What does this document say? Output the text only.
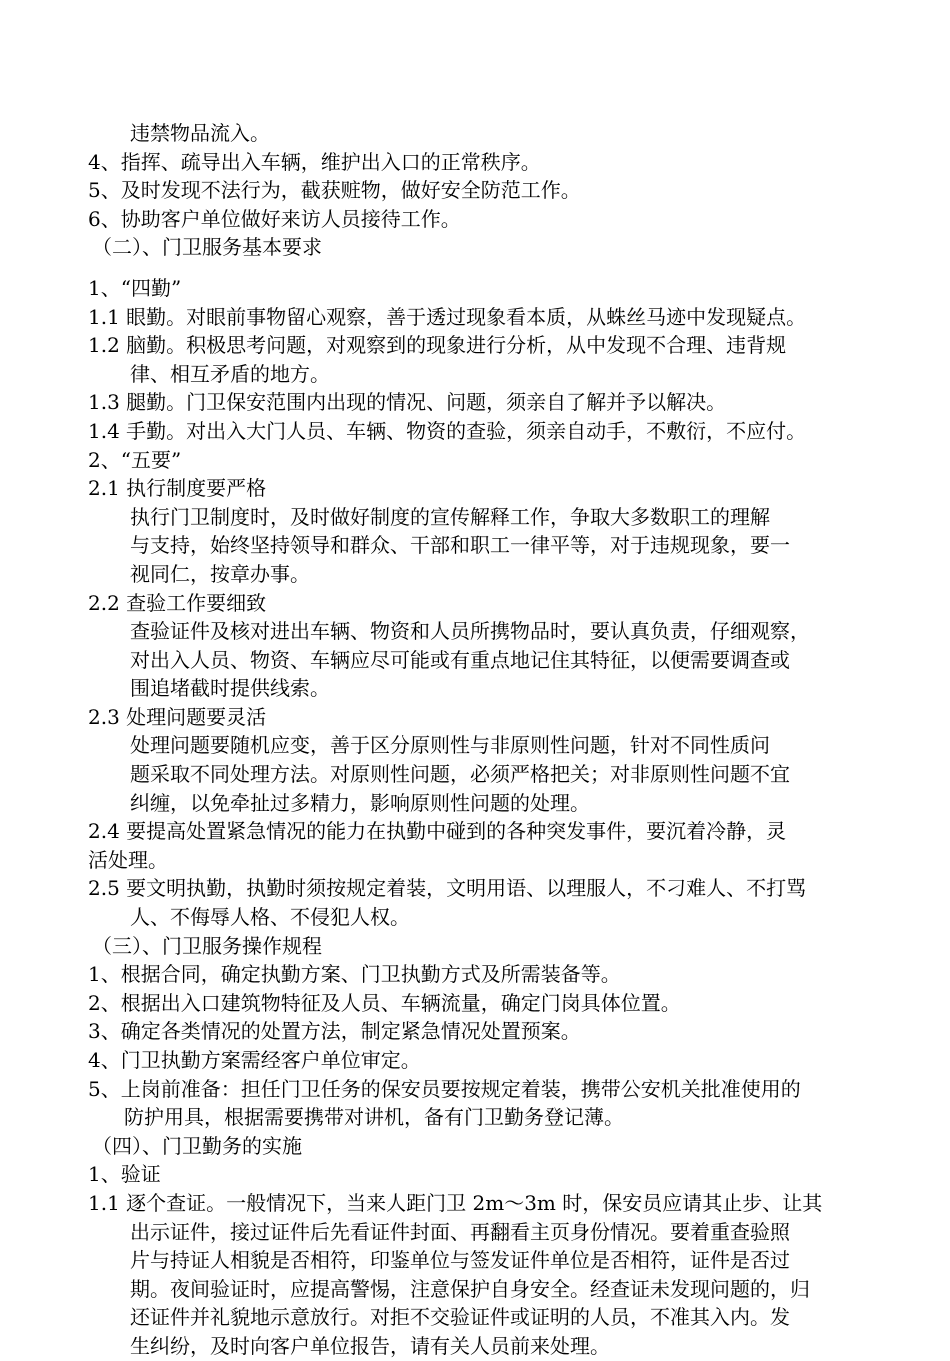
违禁物品流入。
4、指挥、疏导出入车辆，维护出入口的正常秩序。
5、及时发现不法行为，截获赃物，做好安全防范工作。
6、协助客户单位做好来访人员接待工作。
（二）、门卫服务基本要求
1、“四勤”
1.1 眼勤。对眼前事物留心观察，善于透过现象看本质，从蛛丝马迹中发现疑点。
1.2 脑勤。积极思考问题，对观察到的现象进行分析，从中发现不合理、违背规
律、相互矛盾的地方。
1.3 腿勤。门卫保安范围内出现的情况、问题，须亲自了解并予以解决。
1.4 手勤。对出入大门人员、车辆、物资的查验，须亲自动手，不敷衍，不应付。
2、“五要”
2.1 执行制度要严格
执行门卫制度时，及时做好制度的宣传解释工作，争取大多数职工的理解
与支持，始终坚持领导和群众、干部和职工一律平等，对于违规现象，要一
视同仁，按章办事。
2.2 查验工作要细致
查验证件及核对进出车辆、物资和人员所携物品时，要认真负责，仔细观察，
对出入人员、物资、车辆应尽可能或有重点地记住其特征，以便需要调查或
围追堵截时提供线索。
2.3 处理问题要灵活
处理问题要随机应变，善于区分原则性与非原则性问题，针对不同性质问
题采取不同处理方法。对原则性问题，必须严格把关；对非原则性问题不宜
纠缠，以免牵扯过多精力，影响原则性问题的处理。
2.4 要提高处置紧急情况的能力在执勤中碰到的各种突发事件，要沉着冷静，灵
活处理。
2.5 要文明执勤，执勤时须按规定着装，文明用语、以理服人，不刁难人、不打骂
人、不侮辱人格、不侵犯人权。
（三）、门卫服务操作规程
1、根据合同，确定执勤方案、门卫执勤方式及所需装备等。
2、根据出入口建筑物特征及人员、车辆流量，确定门岗具体位置。
3、确定各类情况的处置方法，制定紧急情况处置预案。
4、门卫执勤方案需经客户单位审定。
5、上岗前准备：担任门卫任务的保安员要按规定着装，携带公安机关批准使用的
防护用具，根据需要携带对讲机，备有门卫勤务登记薄。
（四）、门卫勤务的实施
1、验证
1.1 逐个查证。一般情况下，当来人距门卫 2m～3m 时，保安员应请其止步、让其
出示证件，接过证件后先看证件封面、再翻看主页身份情况。要着重查验照
片与持证人相貌是否相符，印鉴单位与签发证件单位是否相符，证件是否过
期。夜间验证时，应提高警惕，注意保护自身安全。经查证未发现问题的，归
还证件并礼貌地示意放行。对拒不交验证件或证明的人员，不准其入内。发
生纠纷，及时向客户单位报告，请有关人员前来处理。
